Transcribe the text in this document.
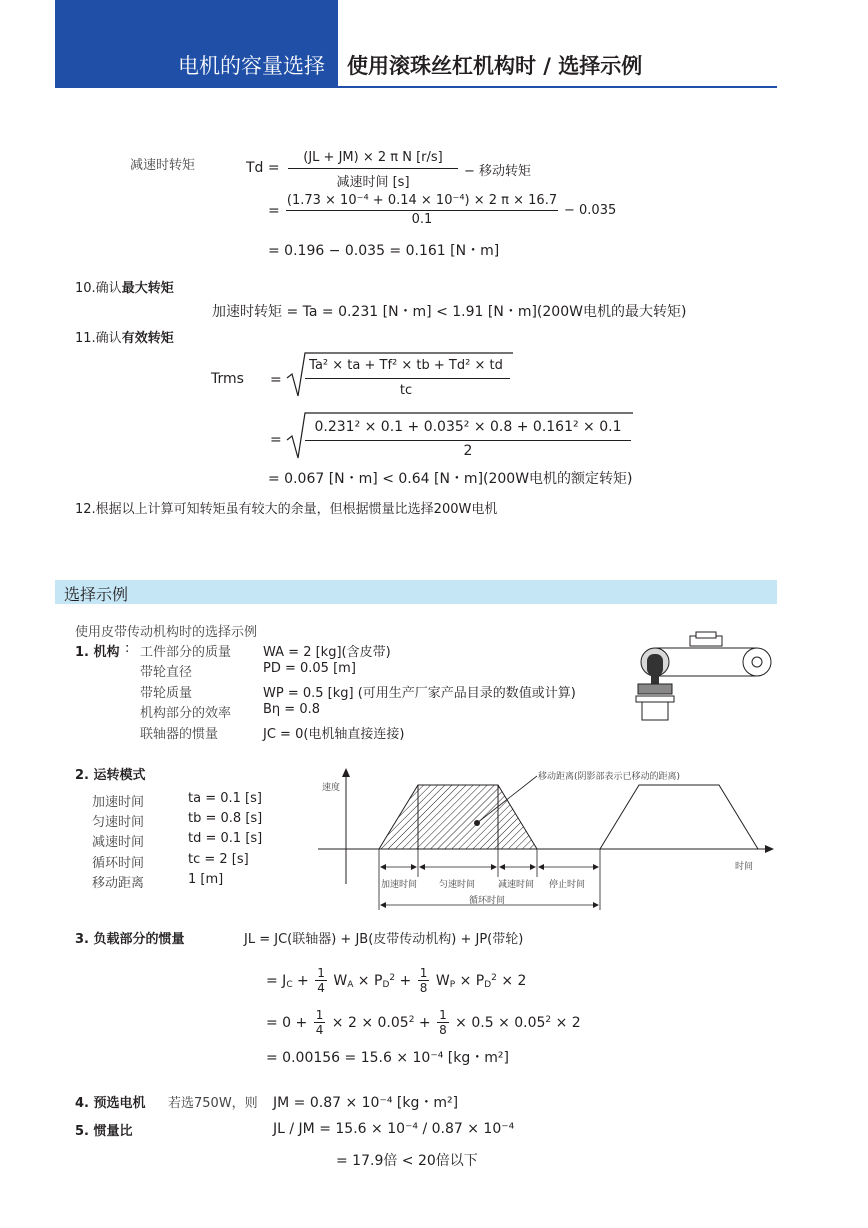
电机的容量选择 使用滚珠丝杠机构时 / 选择示例
减速时转矩	Td =
(JL + JM) × 2 π N [r/s]
减速时间 [s]
− 移动转矩
=
(1.73 × 10⁻⁴ + 0.14 × 10⁻⁴) × 2 π × 16.7
0.1
− 0.035
= 0.196 − 0.035 = 0.161 [N・m]
10.确认最大转矩
加速时转矩 = Ta = 0.231 [N・m] < 1.91 [N・m](200W电机的最大转矩)
11.确认有效转矩
Trms =
Ta² × ta + Tf² × tb + Td² × td
tc
=
0.231² × 0.1 + 0.035² × 0.8 + 0.161² × 0.1
2
= 0.067 [N・m] < 0.64 [N・m](200W电机的额定转矩)
12.根据以上计算可知转矩虽有较大的余量，但根据惯量比选择200W电机
选择示例
使用皮带传动机构时的选择示例
1. 机构 : 工件部分的质量 WA = 2 [kg](含皮带)
带轮直径	PD = 0.05 [m]
带轮质量	WP = 0.5 [kg] (可用生产厂家产品目录的数值或计算)
机构部分的效率 Bη = 0.8
联轴器的惯量	JC = 0(电机轴直接连接)
2. 运转模式
加速时间	ta = 0.1 [s]
匀速时间	tb = 0.8 [s]
减速时间	td = 0.1 [s]
循环时间	tc = 2 [s]
移动距离	1 [m]
速度
时间
移动距离(阴影部表示已移动的距离)
加速时间 匀速时间	减速时间 停止时间
循环时间
3. 负载部分的惯量	JL = JC(联轴器) + JB(皮带传动机构) + JP(带轮)
= $J_C + 1$
4 $W_A \times P_D^2 + 1$
8 $W_P \times P_D^2 \times 2$
= 0 + 1
$4 \times 2 \times 0.05^2 + 1$
$8 \times 0.5 \times 0.05^2 \times 2$
= 0.00156 = 15.6 × 10⁻⁴ [kg・m²]
4. 预选电机 若选750W，则 JM = 0.87 × 10⁻⁴ [kg・m²]
5. 惯量比	JL / JM = 15.6 × 10⁻⁴ / 0.87 × 10⁻⁴
= 17.9倍 < 20倍以下
